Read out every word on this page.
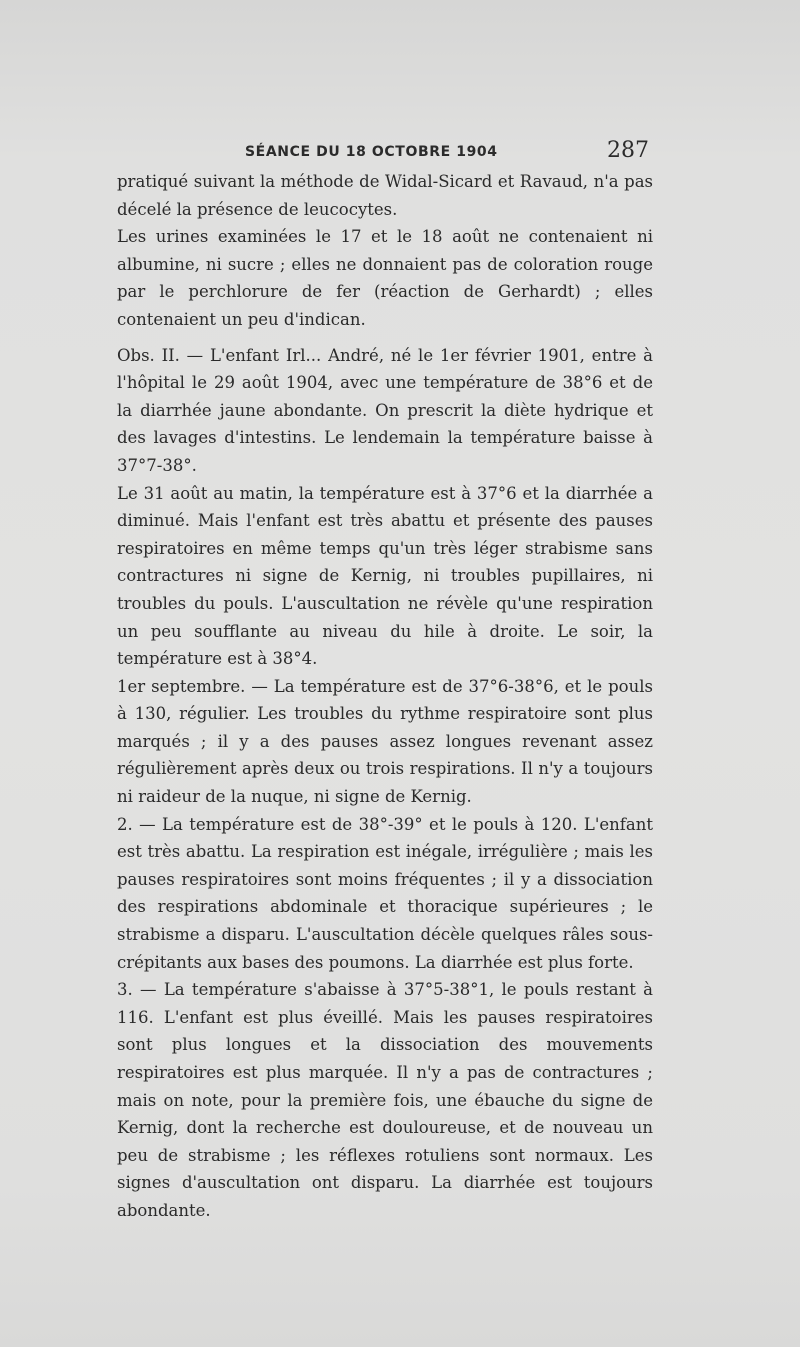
SÉANCE DU 18 OCTOBRE 1904	287

pratiqué suivant la méthode de Widal-Sicard et Ravaud, n'a pas décelé la présence de leucocytes.

Les urines examinées le 17 et le 18 août ne contenaient ni albumine, ni sucre ; elles ne donnaient pas de coloration rouge par le perchlorure de fer (réaction de Gerhardt) ; elles contenaient un peu d'indican.

Obs. II. — L'enfant Irl... André, né le 1er février 1901, entre à l'hôpital le 29 août 1904, avec une température de 38°6 et de la diarrhée jaune abondante. On prescrit la diète hydrique et des lavages d'intestins. Le lendemain la température baisse à 37°7-38°.

Le 31 août au matin, la température est à 37°6 et la diarrhée a diminué. Mais l'enfant est très abattu et présente des pauses respiratoires en même temps qu'un très léger strabisme sans contractures ni signe de Kernig, ni troubles pupillaires, ni troubles du pouls. L'auscultation ne révèle qu'une respiration un peu soufflante au niveau du hile à droite. Le soir, la température est à 38°4.

1er septembre. — La température est de 37°6-38°6, et le pouls à 130, régulier. Les troubles du rythme respiratoire sont plus marqués ; il y a des pauses assez longues revenant assez régulièrement après deux ou trois respirations. Il n'y a toujours ni raideur de la nuque, ni signe de Kernig.

2. — La température est de 38°-39° et le pouls à 120. L'enfant est très abattu. La respiration est inégale, irrégulière ; mais les pauses respiratoires sont moins fréquentes ; il y a dissociation des respirations abdominale et thoracique supérieures ; le strabisme a disparu. L'auscultation décèle quelques râles sous-crépitants aux bases des poumons. La diarrhée est plus forte.

3. — La température s'abaisse à 37°5-38°1, le pouls restant à 116. L'enfant est plus éveillé. Mais les pauses respiratoires sont plus longues et la dissociation des mouvements respiratoires est plus marquée. Il n'y a pas de contractures ; mais on note, pour la première fois, une ébauche du signe de Kernig, dont la recherche est douloureuse, et de nouveau un peu de strabisme ; les réflexes rotuliens sont normaux. Les signes d'auscultation ont disparu. La diarrhée est toujours abondante.
